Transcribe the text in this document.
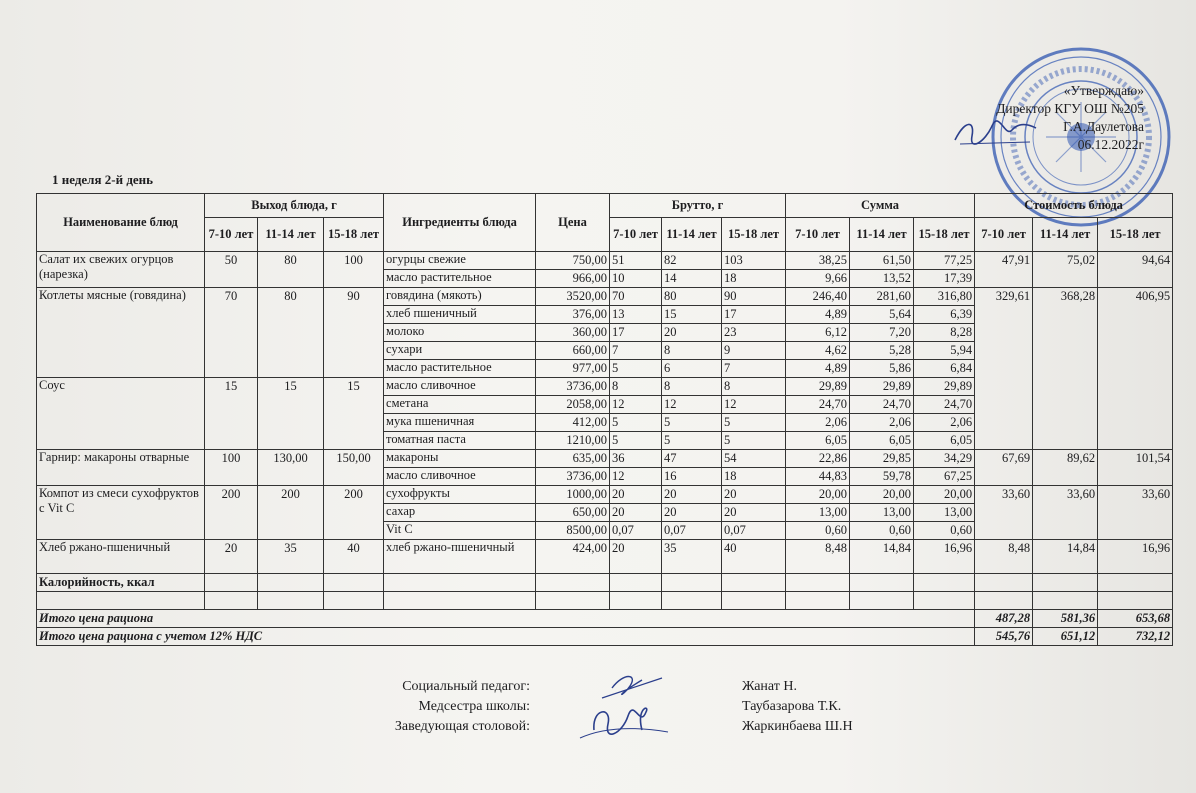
«Утверждаю»
Директор КГУ ОШ №205
Г.А.Даулетова
06.12.2022г
1 неделя 2-й день
Наименование блюд	Выход блюда, г			Ингредиенты блюда	Цена	Брутто, г			Сумма			Стоимость блюда		
	7-10 лет	11-14 лет	15-18 лет			7-10 лет	11-14 лет	15-18 лет	7-10 лет	11-14 лет	15-18 лет	7-10 лет	11-14 лет	15-18 лет
Салат их свежих огурцов (нарезка)	50	80	100	огурцы свежие	750,00	51	82	103	38,25	61,50	77,25	47,91	75,02	94,64
				масло растительное	966,00	10	14	18	9,66	13,52	17,39			
Котлеты мясные (говядина)	70	80	90	говядина (мякоть)	3520,00	70	80	90	246,40	281,60	316,80	329,61	368,28	406,95
				хлеб пшеничный	376,00	13	15	17	4,89	5,64	6,39			
				молоко	360,00	17	20	23	6,12	7,20	8,28			
				сухари	660,00	7	8	9	4,62	5,28	5,94			
				масло растительное	977,00	5	6	7	4,89	5,86	6,84			
Соус	15	15	15	масло сливочное	3736,00	8	8	8	29,89	29,89	29,89			
				сметана	2058,00	12	12	12	24,70	24,70	24,70			
				мука пшеничная	412,00	5	5	5	2,06	2,06	2,06			
				томатная паста	1210,00	5	5	5	6,05	6,05	6,05			
Гарнир: макароны отварные	100	130,00	150,00	макароны	635,00	36	47	54	22,86	29,85	34,29	67,69	89,62	101,54
				масло сливочное	3736,00	12	16	18	44,83	59,78	67,25			
Компот из смеси сухофруктов с Vit C	200	200	200	сухофрукты	1000,00	20	20	20	20,00	20,00	20,00	33,60	33,60	33,60
				сахар	650,00	20	20	20	13,00	13,00	13,00			
				Vit C	8500,00	0,07	0,07	0,07	0,60	0,60	0,60			
Хлеб ржано-пшеничный	20	35	40	хлеб ржано-пшеничный	424,00	20	35	40	8,48	14,84	16,96	8,48	14,84	16,96
Калорийность, ккал														

Итого цена рациона												487,28	581,36	653,68
Итого цена рациона с учетом 12% НДС												545,76	651,12	732,12
Социальный педагог:
Медсестра школы:
Заведующая столовой:
Жанат Н.
Таубазарова Т.К.
Жаркинбаева Ш.Н
